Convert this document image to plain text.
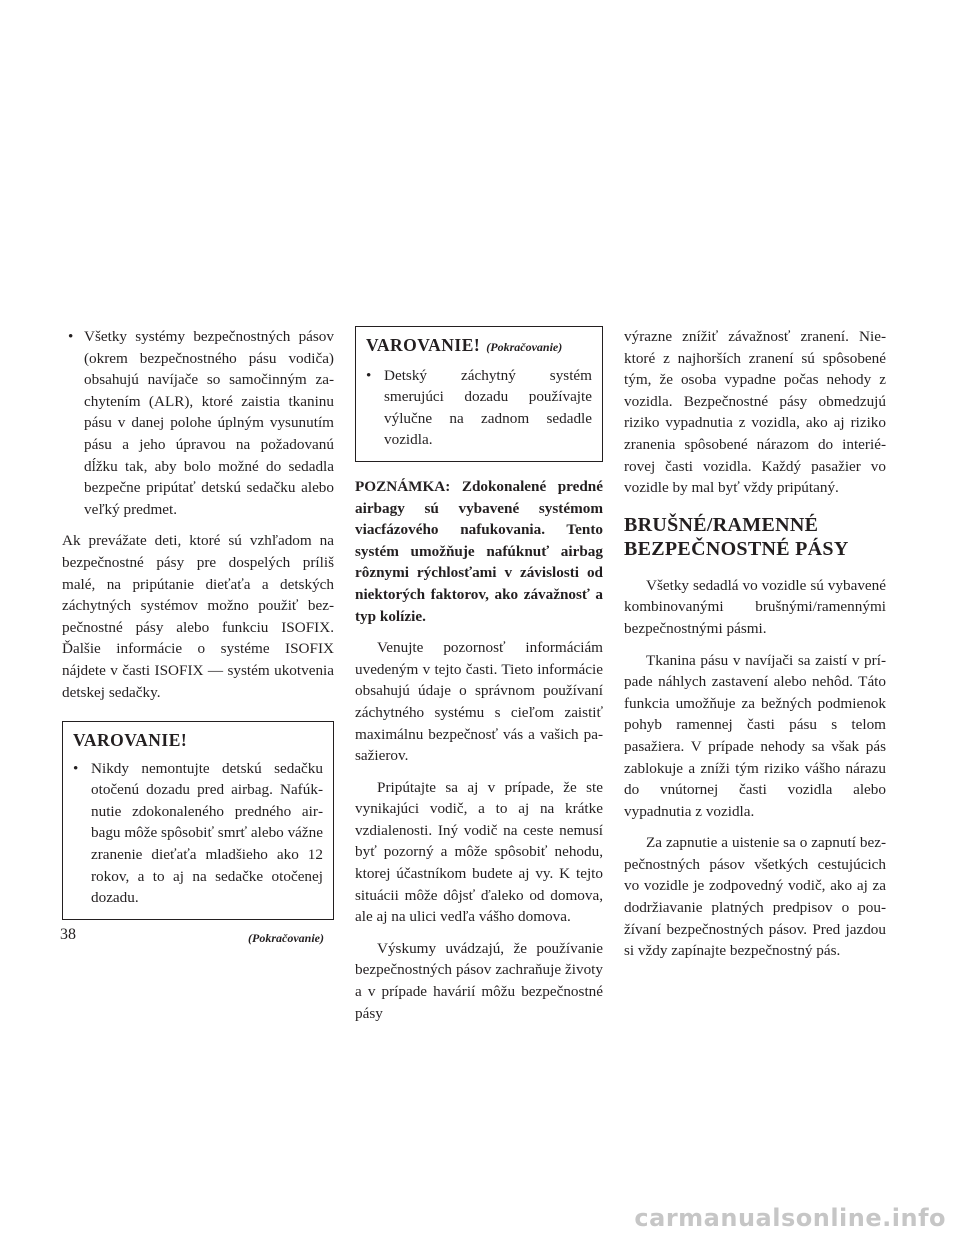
• Všetky systémy bezpečnostných pásov (okrem bezpečnostného pásu vodiča) obsahujú navíjače so samočinným zachytením (ALR), ktoré zaistia tkaninu pásu v danej polohe úplným vysunutím pásu a jeho úpravou na požadovanú dĺžku tak, aby bolo možné do sedadla bezpečne pripútať detskú sedačku alebo veľký predmet.

Ak prevážate deti, ktoré sú vzhľadom na bezpečnostné pásy pre dospelých príliš malé, na pripútanie dieťaťa a detských záchytných systémov možno použiť bezpečnostné pásy alebo funkciu ISOFIX. Ďalšie informácie o systéme ISOFIX nájdete v časti ISOFIX — systém ukotvenia detskej sedačky.

VAROVANIE!
• Nikdy nemontujte detskú sedačku otočenú dozadu pred airbag. Nafúknutie zdokonaleného predného airbagu môže spôsobiť smrť alebo vážne zranenie dieťaťa mladšieho ako 12 rokov, a to aj na sedačke otočenej dozadu.
(Pokračovanie)
VAROVANIE! (Pokračovanie)
• Detský záchytný systém smerujúci dozadu používajte výlučne na zadnom sedadle vozidla.

POZNÁMKA: Zdokonalené predné airbagy sú vybavené systémom viacfázového nafukovania. Tento systém umožňuje nafúknuť airbag rôznymi rýchlosťami v závislosti od niektorých faktorov, ako závažnosť a typ kolízie.

Venujte pozornosť informáciám uvedeným v tejto časti. Tieto informácie obsahujú údaje o správnom používaní záchytného systému s cieľom zaistiť maximálnu bezpečnosť vás a vašich pasažierov.

Pripútajte sa aj v prípade, že ste vynikajúci vodič, a to aj na krátke vzdialenosti. Iný vodič na ceste nemusí byť pozorný a môže spôsobiť nehodu, ktorej účastníkom budete aj vy. K tejto situácii môže dôjsť ďaleko od domova, ale aj na ulici vedľa vášho domova.

Výskumy uvádzajú, že používanie bezpečnostných pásov zachraňuje životy a v prípade havárií môžu bezpečnostné pásy

výrazne znížiť závažnosť zranení. Niektoré z najhorších zranení sú spôsobené tým, že osoba vypadne počas nehody z vozidla. Bezpečnostné pásy obmedzujú riziko vypadnutia z vozidla, ako aj riziko zranenia spôsobené nárazom do interiérovej časti vozidla. Každý pasažier vo vozidle by mal byť vždy pripútaný.

BRUŠNÉ/RAMENNÉ BEZPEČNOSTNÉ PÁSY

Všetky sedadlá vo vozidle sú vybavené kombinovanými brušnými/ramennými bezpečnostnými pásmi.

Tkanina pásu v navíjači sa zaistí v prípade náhlych zastavení alebo nehôd. Táto funkcia umožňuje za bežných podmienok pohyb ramennej časti pásu s telom pasažiera. V prípade nehody sa však pás zablokuje a zníži tým riziko vášho nárazu do vnútornej časti vozidla alebo vypadnutia z vozidla.

Za zapnutie a uistenie sa o zapnutí bezpečnostných pásov všetkých cestujúcich vo vozidle je zodpovedný vodič, ako aj za dodržiavanie platných predpisov o používaní bezpečnostných pásov. Pred jazdou si vždy zapínajte bezpečnostný pás.

38
carmanualsonline.info
